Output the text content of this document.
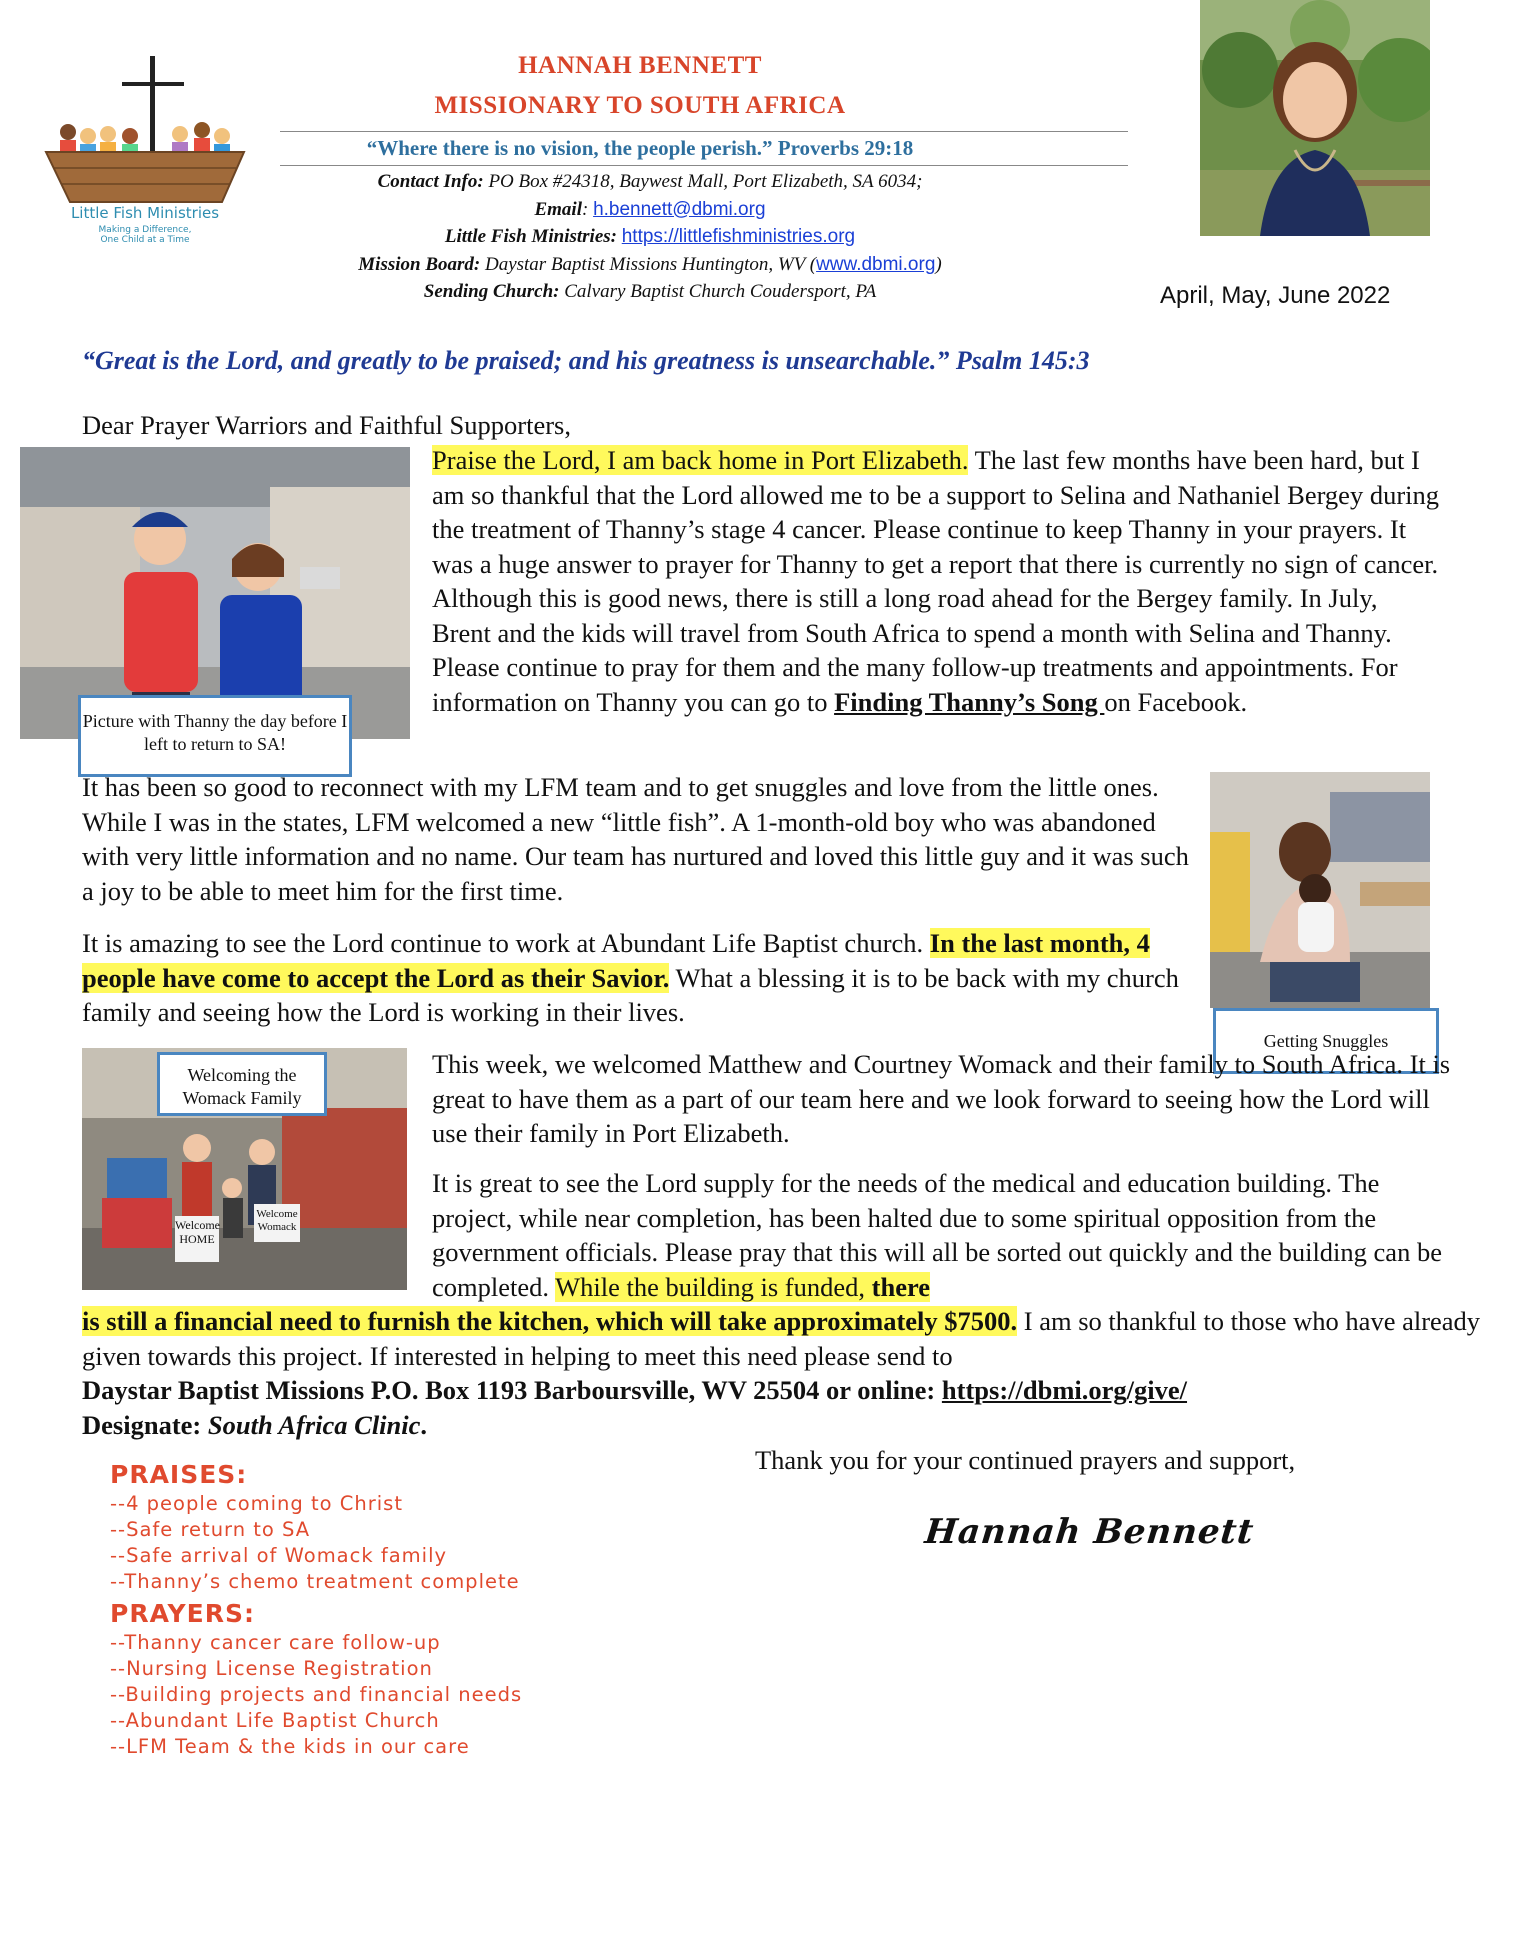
Little Fish Ministries
Making a Difference,
One Child at a Time
HANNAH BENNETT
MISSIONARY TO SOUTH AFRICA
“Where there is no vision, the people perish.” Proverbs 29:18
Contact Info: PO Box #24318, Baywest Mall, Port Elizabeth, SA 6034;
Email: h.bennett@dbmi.org
Little Fish Ministries: https://littlefishministries.org
Mission Board: Daystar Baptist Missions Huntington, WV (www.dbmi.org)
Sending Church: Calvary Baptist Church Coudersport, PA	April, May, June 2022
“Great is the Lord, and greatly to be praised; and his greatness is unsearchable.” Psalm 145:3
Dear Prayer Warriors and Faithful Supporters,
Picture with Thanny the day before I left to return to SA!
Praise the Lord, I am back home in Port Elizabeth. The last few months have been hard, but I am so thankful that the Lord allowed me to be a support to Selina and Nathaniel Bergey during the treatment of Thanny’s stage 4 cancer. Please continue to keep Thanny in your prayers. It was a huge answer to prayer for Thanny to get a report that there is currently no sign of cancer. Although this is good news, there is still a long road ahead for the Bergey family. In July, Brent and the kids will travel from South Africa to spend a month with Selina and Thanny. Please continue to pray for them and the many follow-up treatments and appointments. For information on Thanny you can go to Finding Thanny’s Song on Facebook.
Getting Snuggles
It has been so good to reconnect with my LFM team and to get snuggles and love from the little ones. While I was in the states, LFM welcomed a new “little fish”. A 1-month-old boy who was abandoned with very little information and no name. Our team has nurtured and loved this little guy and it was such a joy to be able to meet him for the first time.
It is amazing to see the Lord continue to work at Abundant Life Baptist church. In the last month, 4 people have come to accept the Lord as their Savior. What a blessing it is to be back with my church family and seeing how the Lord is working in their lives.
Welcome HOME
Welcome Womack
Welcoming the Womack Family
This week, we welcomed Matthew and Courtney Womack and their family to South Africa. It is great to have them as a part of our team here and we look forward to seeing how the Lord will use their family in Port Elizabeth.
It is great to see the Lord supply for the needs of the medical and education building. The project, while near completion, has been halted due to some spiritual opposition from the government officials. Please pray that this will all be sorted out quickly and the building can be completed. While the building is funded, there
is still a financial need to furnish the kitchen, which will take approximately $7500. I am so thankful to those who have already given towards this project. If interested in helping to meet this need please send to
Daystar Baptist Missions P.O. Box 1193 Barboursville, WV 25504 or online: https://dbmi.org/give/
Designate: South Africa Clinic.
Thank you for your continued prayers and support,
Hannah Bennett
PRAISES:
--4 people coming to Christ
--Safe return to SA
--Safe arrival of Womack family
--Thanny’s chemo treatment complete
PRAYERS:
--Thanny cancer care follow-up
--Nursing License Registration
--Building projects and financial needs
--Abundant Life Baptist Church
--LFM Team & the kids in our care
